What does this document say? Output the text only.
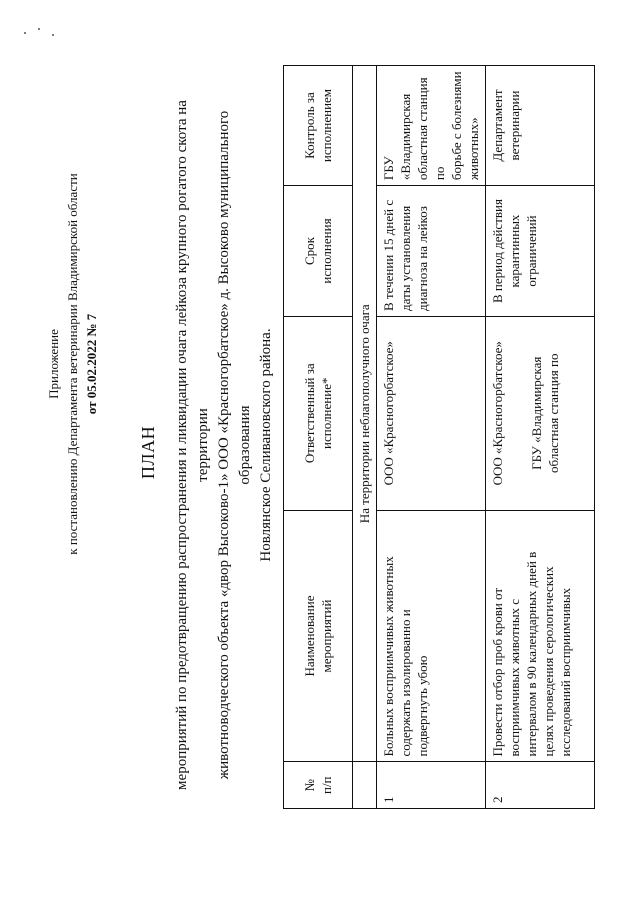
Приложение к постановлению Департамента ветеринарии Владимирской области от 05.02.2022 № 7
ПЛАН мероприятий по предотвращению распространения и ликвидации очага лейкоза крупного рогатого скота на территории животноводческого объекта «двор Высоково-1» ООО «Красногорбатское» д. Высоково муниципального образования Новлянское Селивановского района.
№ п/п	Наименование мероприятий	Ответственный за исполнение*	Срок исполнения	Контроль за исполнением

	На территории неблагополучного очага			
1	Больных восприимчивых животных содержать изолированно и подвергнуть убою	ООО «Красногорбатское»	В течении 15 дней с даты установления диагноза на лейкоз	ГБУ «Владимирская областная станция по борьбе с болезнями животных»

2	Провести отбор проб крови от восприимчивых животных с интервалом в 90 календарных дней в целях проведения серологических исследований восприимчивых	ООО «Красногорбатское» ГБУ «Владимирская областная станция по	В период действия карантинных ограничений	Департамент ветеринарии
